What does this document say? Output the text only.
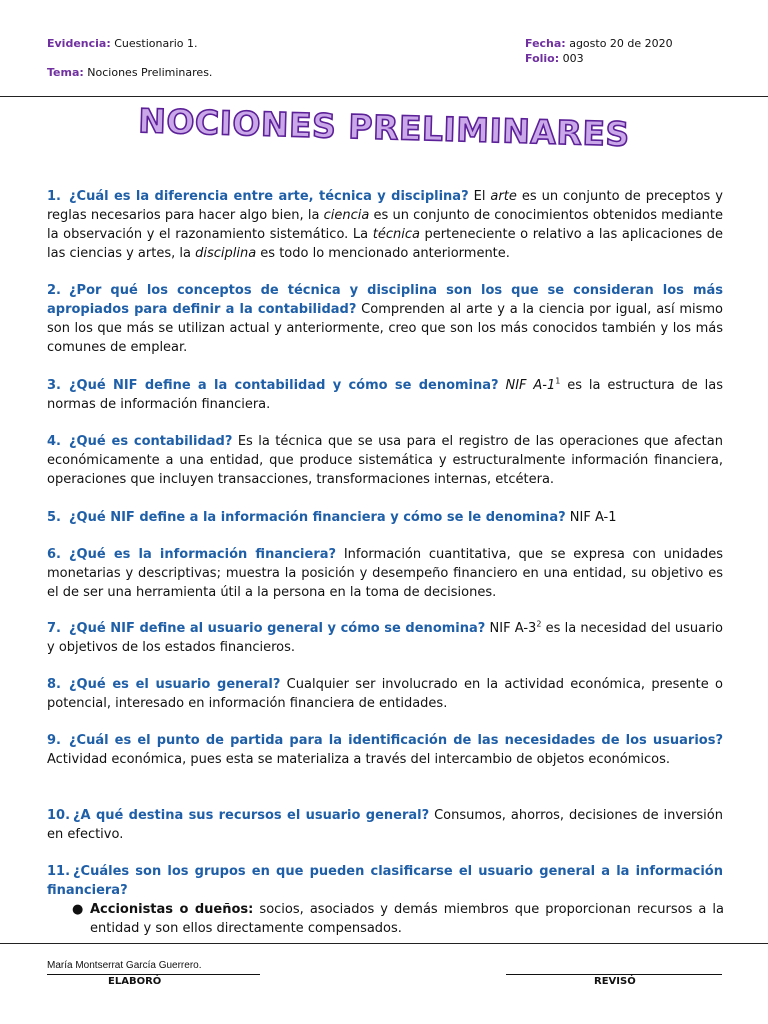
Evidencia: Cuestionario 1.
Tema: Nociones Preliminares.
Fecha: agosto 20 de 2020
Folio: 003
NOCIONES PRELIMINARES
1. ¿Cuál es la diferencia entre arte, técnica y disciplina? El arte es un conjunto de preceptos y reglas necesarios para hacer algo bien, la ciencia es un conjunto de conocimientos obtenidos mediante la observación y el razonamiento sistemático. La técnica perteneciente o relativo a las aplicaciones de las ciencias y artes, la disciplina es todo lo mencionado anteriormente.
2. ¿Por qué los conceptos de técnica y disciplina son los que se consideran los más apropiados para definir a la contabilidad? Comprenden al arte y a la ciencia por igual, así mismo son los que más se utilizan actual y anteriormente, creo que son los más conocidos también y los más comunes de emplear.
3. ¿Qué NIF define a la contabilidad y cómo se denomina? NIF $A-1^1$ es la estructura de las normas de información financiera.
4. ¿Qué es contabilidad? Es la técnica que se usa para el registro de las operaciones que afectan económicamente a una entidad, que produce sistemática y estructuralmente información financiera, operaciones que incluyen transacciones, transformaciones internas, etcétera.
5. ¿Qué NIF define a la información financiera y cómo se le denomina? NIF A-1
6. ¿Qué es la información financiera? Información cuantitativa, que se expresa con unidades monetarias y descriptivas; muestra la posición y desempeño financiero en una entidad, su objetivo es el de ser una herramienta útil a la persona en la toma de decisiones.
7. ¿Qué NIF define al usuario general y cómo se denomina? NIF $A-3^2$ es la necesidad del usuario y objetivos de los estados financieros.
8. ¿Qué es el usuario general? Cualquier ser involucrado en la actividad económica, presente o potencial, interesado en información financiera de entidades.
9. ¿Cuál es el punto de partida para la identificación de las necesidades de los usuarios? Actividad económica, pues esta se materializa a través del intercambio de objetos económicos.
10. ¿A qué destina sus recursos el usuario general? Consumos, ahorros, decisiones de inversión en efectivo.
11. ¿Cuáles son los grupos en que pueden clasificarse el usuario general a la información financiera?
● Accionistas o dueños: socios, asociados y demás miembros que proporcionan recursos a la entidad y son ellos directamente compensados.
María Montserrat García Guerrero.
ELABORÓ	REVISÓ
